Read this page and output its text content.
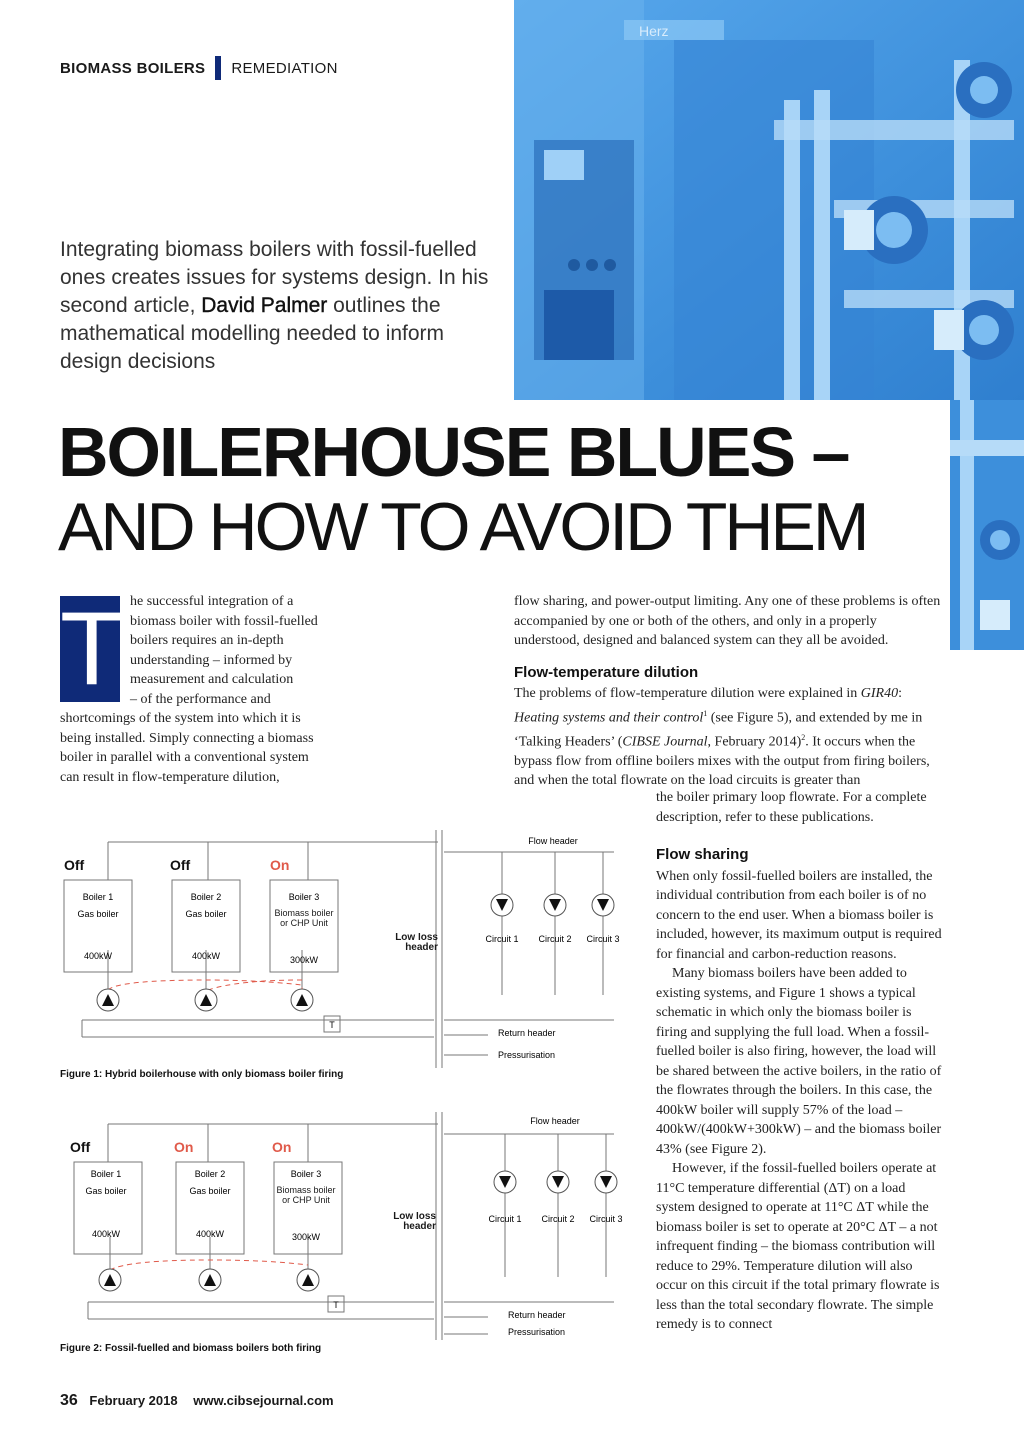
BIOMASS BOILERS REMEDIATION
Herz
Integrating biomass boilers with fossil-fuelled ones creates issues for systems design. In his second article, David Palmer outlines the mathematical modelling needed to inform design decisions
BOILERHOUSE BLUES –
AND HOW TO AVOID THEM
T he successful integration of a
biomass boiler with fossil-fuelled
boilers requires an in-depth
understanding – informed by
measurement and calculation
– of the performance and
shortcomings of the system into which it is being installed. Simply connecting a biomass boiler in parallel with a conventional system can result in flow-temperature dilution,

flow sharing, and power-output limiting. Any one of these problems is often accompanied by one or both of the others, and only in a properly understood, designed and balanced system can they all be avoided.

Flow-temperature dilution

The problems of flow-temperature dilution were explained in GIR40: Heating systems and their control$^1$ (see Figure 5), and extended by me in ‘Talking Headers’ (CIBSE Journal, February 2014)$^2$. It occurs when the bypass flow from offline boilers mixes with the output from firing boilers, and when the total flowrate on the load circuits is greater than

the boiler primary loop flowrate. For a complete description, refer to these publications.

Flow sharing

When only fossil-fuelled boilers are installed, the individual contribution from each boiler is of no concern to the end user. When a biomass boiler is included, however, its maximum output is required for financial and carbon-reduction reasons.

Many biomass boilers have been added to existing systems, and Figure 1 shows a typical schematic in which only the biomass boiler is firing and supplying the full load. When a fossil-fuelled boiler is also firing, however, the load will be shared between the active boilers, in the ratio of the flowrates through the boilers. In this case, the 400kW boiler will supply 57% of the load – 400kW/(400kW+300kW) – and the biomass boiler 43% (see Figure 2).

However, if the fossil-fuelled boilers operate at 11°C temperature differential (ΔT) on a load system designed to operate at 11°C ΔT while the biomass boiler is set to operate at 20°C ΔT – a not infrequent finding – the biomass contribution will reduce to 29%. Temperature dilution will also occur on this circuit if the total primary flowrate is less than the total secondary flowrate. The simple remedy is to connect

Off	Off	On
Boiler 1
Gas boiler
400kW
Boiler 2
Gas boiler
400kW
Boiler 3
Biomass boiler or CHP Unit
300kW
T
Flow header
Low loss header
Circuit 1 Circuit 2 Circuit 3
Return header
Pressurisation
Figure 1: Hybrid boilerhouse with only biomass boiler firing
Off	On	On
Boiler 1
Gas boiler
400kW
Boiler 2
Gas boiler
400kW
Boiler 3
Biomass boiler or CHP Unit
300kW
T
Flow header
Low loss header
Circuit 1 Circuit 2 Circuit 3
Return header
Pressurisation
Figure 2: Fossil-fuelled and biomass boilers both firing
36 February 2018 www.cibsejournal.com
